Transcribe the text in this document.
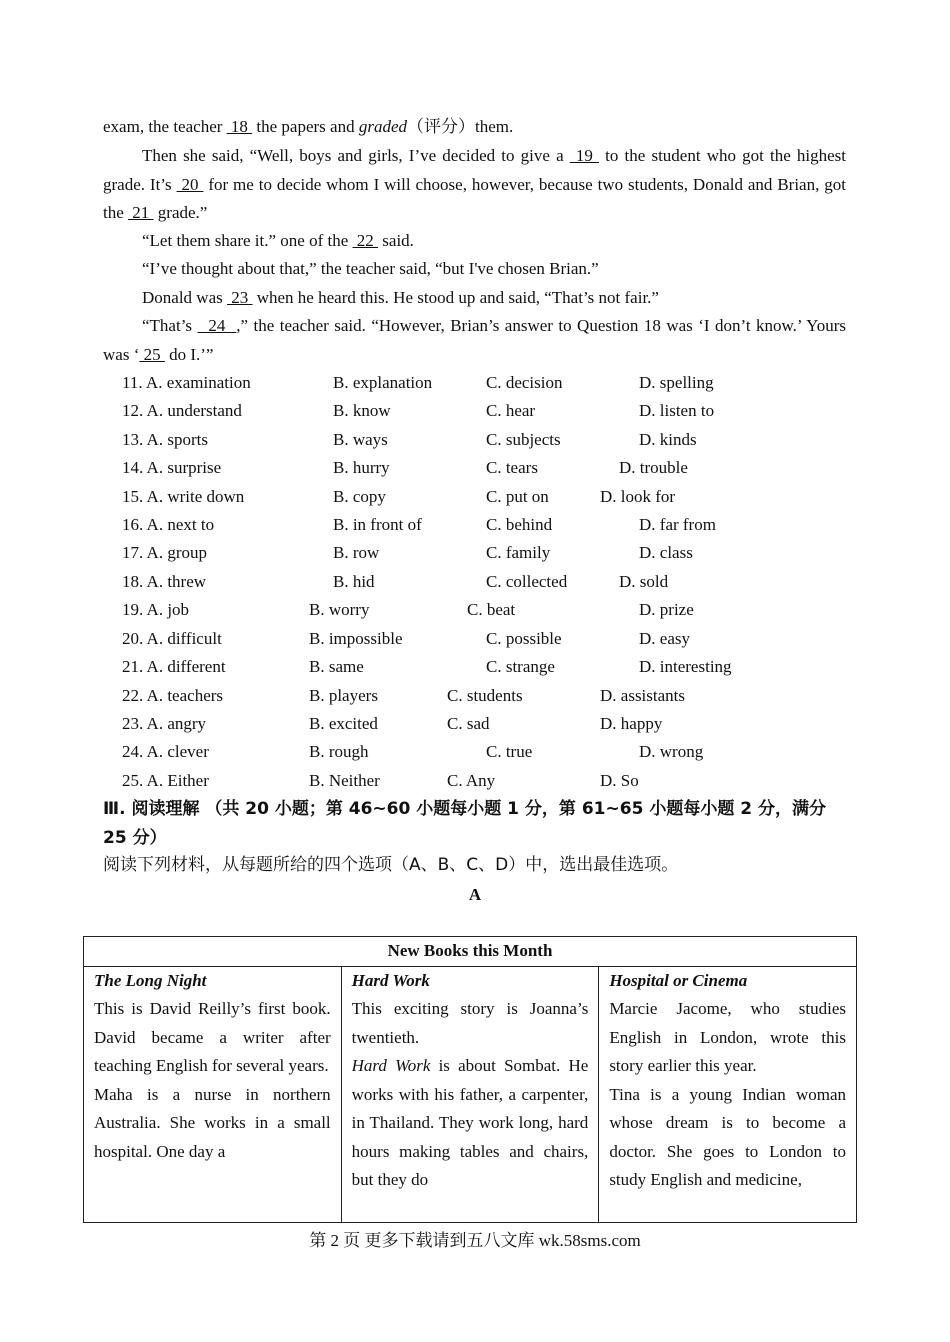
exam, the teacher  18  the papers and graded（评分）them.
Then she said, “Well, boys and girls, I’ve decided to give a  19  to the student who got the highest grade. It’s  20  for me to decide whom I will choose, however, because two students, Donald and Brian, got the  21  grade.”
“Let them share it.” one of the  22  said.
“I’ve thought about that,” the teacher said, “but I've chosen Brian.”
Donald was  23  when he heard this. He stood up and said, “That’s not fair.”
“That’s   24  ,” the teacher said. “However, Brian’s answer to Question 18 was ‘I don’t know.’ Yours was ‘ 25  do I.’”
11. A. examination	B. explanation	C. decision	D. spelling
12. A. understand	B. know	C. hear	D. listen to
13. A. sports	B. ways	C. subjects	D. kinds
14. A. surprise	B. hurry	C. tears	D. trouble
15. A. write down	B. copy	C. put on	D. look for
16. A. next to	B. in front of	C. behind	D. far from
17. A. group	B. row	C. family	D. class
18. A. threw	B. hid	C. collected	D. sold
19. A. job	B. worry	C. beat	D. prize
20. A. difficult	B. impossible	C. possible	D. easy
21. A. different	B. same	C. strange	D. interesting
22. A. teachers	B. players	C. students	D. assistants
23. A. angry	B. excited	C. sad	D. happy
24. A. clever	B. rough	C. true	D. wrong
25. A. Either	B. Neither	C. Any	D. So
Ⅲ. 阅读理解 （共 20 小题；第 46~60 小题每小题 1 分，第 61~65 小题每小题 2 分，满分 25 分）
阅读下列材料，从每题所给的四个选项（A、B、C、D）中，选出最佳选项。
A
New Books this Month

The Long Night
This is David Reilly’s first book. David became a writer after teaching English for several years.
Maha is a nurse in northern Australia. She works in a small hospital. One day a

Hard Work
This exciting story is Joanna’s twentieth.
Hard Work is about Sombat. He works with his father, a carpenter, in Thailand. They work long, hard hours making tables and chairs, but they do

Hospital or Cinema
Marcie Jacome, who studies English in London, wrote this story earlier this year.
Tina is a young Indian woman whose dream is to become a doctor. She goes to London to study English and medicine,
第 2 页 更多下载请到五八文库 wk.58sms.com
